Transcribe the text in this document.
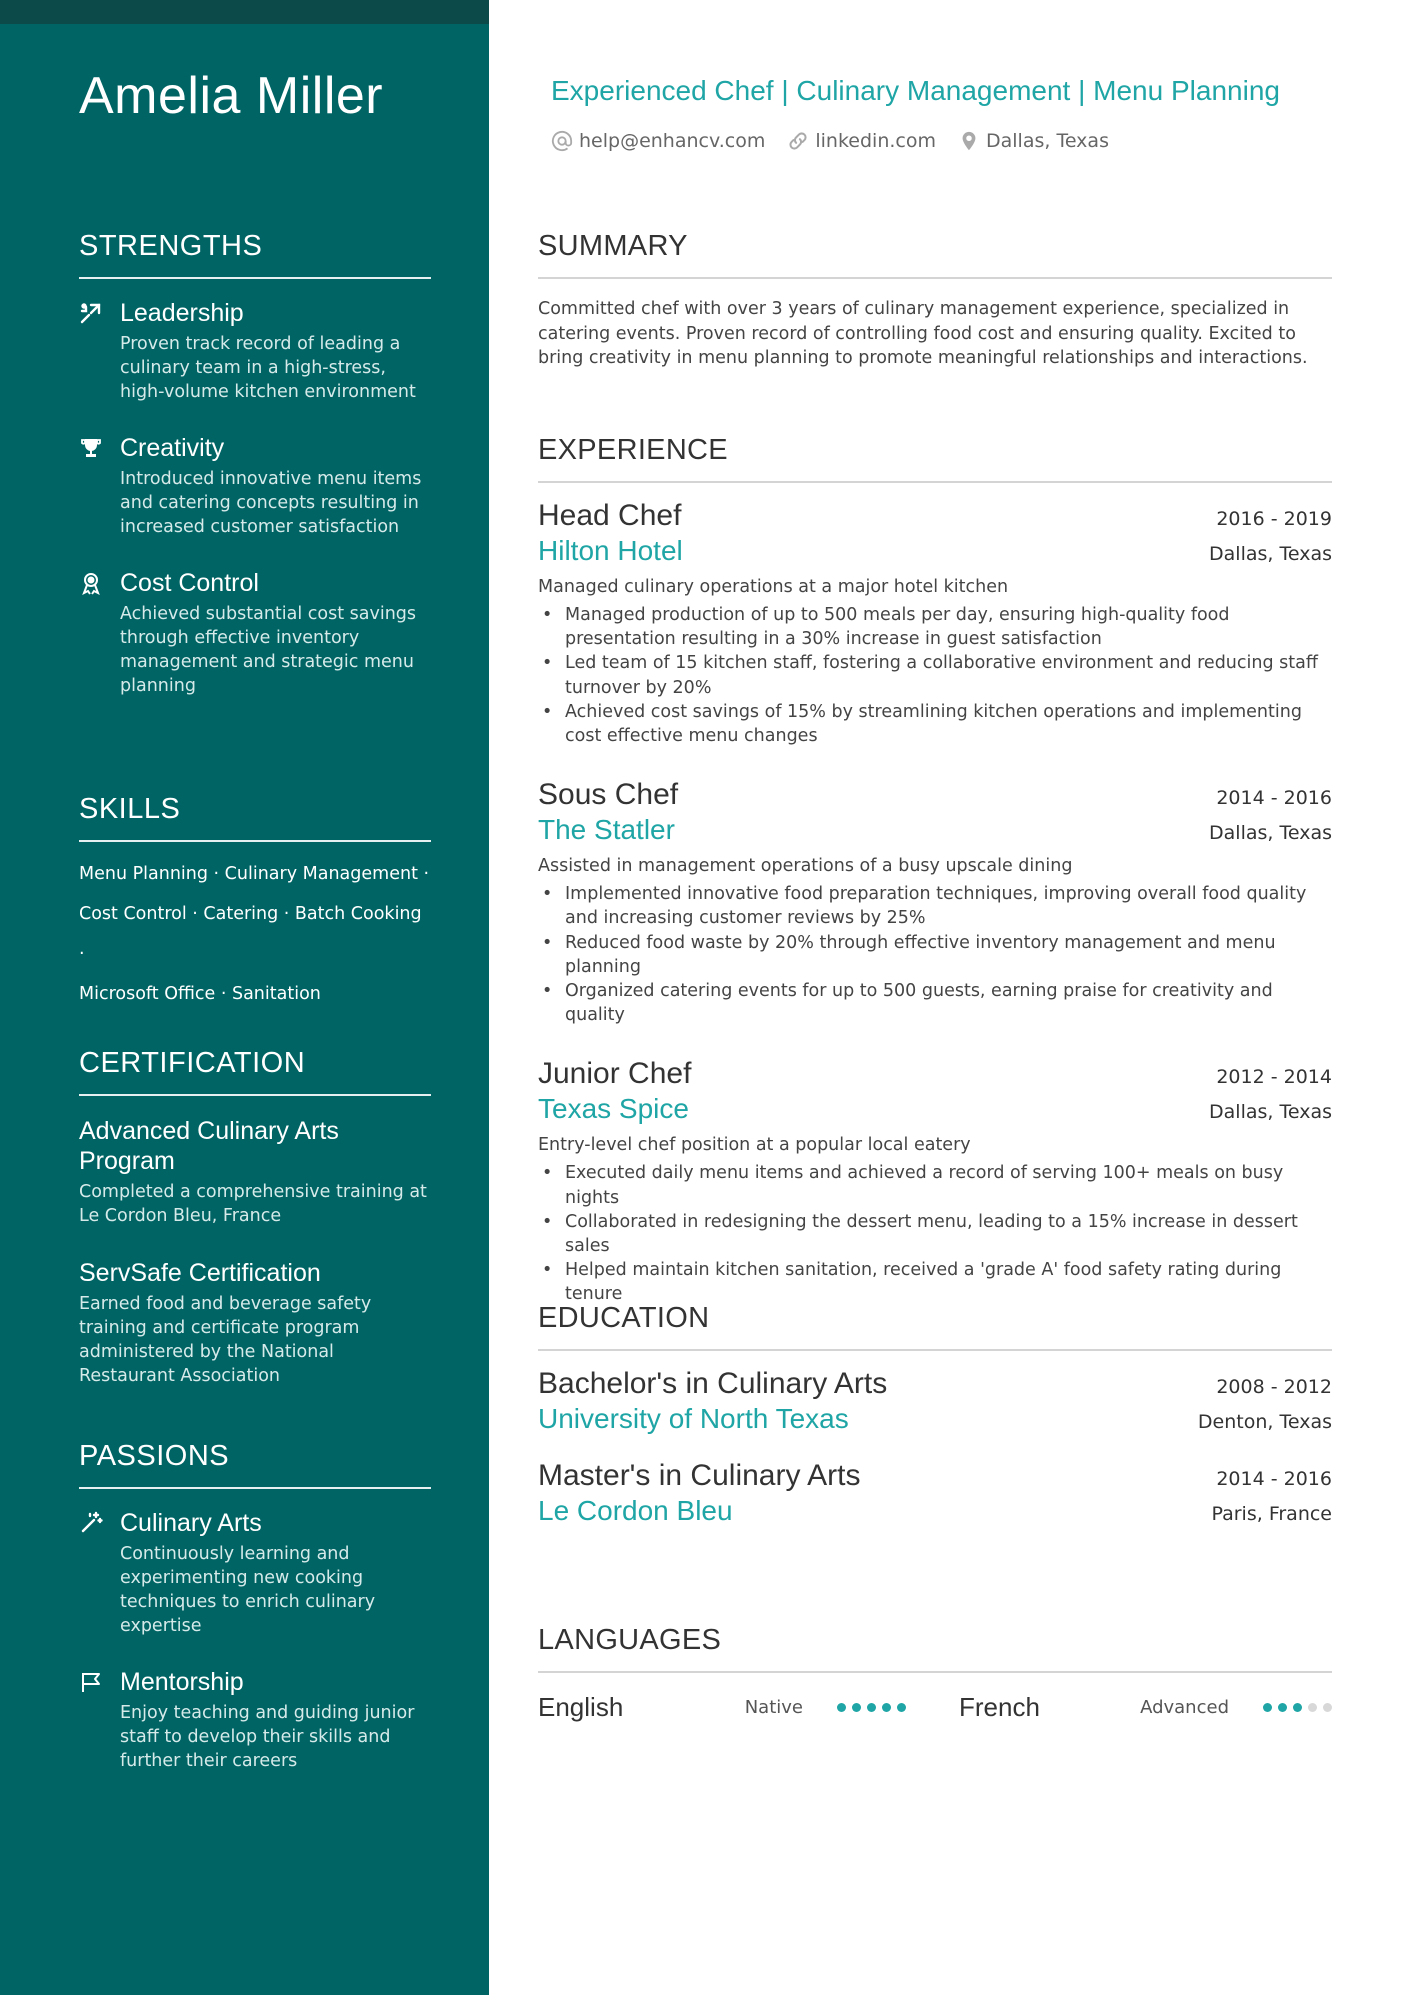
Amelia Miller
STRENGTHS
Leadership
Proven track record of leading a culinary team in a high-stress, high-volume kitchen environment
Creativity
Introduced innovative menu items and catering concepts resulting in increased customer satisfaction
Cost Control
Achieved substantial cost savings through effective inventory management and strategic menu planning
SKILLS
Menu Planning · Culinary Management ·
Cost Control · Catering · Batch Cooking ·
Microsoft Office · Sanitation
CERTIFICATION
Advanced Culinary Arts Program
Completed a comprehensive training at Le Cordon Bleu, France
ServSafe Certification
Earned food and beverage safety training and certificate program administered by the National Restaurant Association
PASSIONS
Culinary Arts
Continuously learning and experimenting new cooking techniques to enrich culinary expertise
Mentorship
Enjoy teaching and guiding junior staff to develop their skills and further their careers
Experienced Chef | Culinary Management | Menu Planning
help@enhancv.com	linkedin.com	Dallas, Texas
SUMMARY
Committed chef with over 3 years of culinary management experience, specialized in catering events. Proven record of controlling food cost and ensuring quality. Excited to bring creativity in menu planning to promote meaningful relationships and interactions.
EXPERIENCE
Head Chef	2016 - 2019
Hilton Hotel	Dallas, Texas
Managed culinary operations at a major hotel kitchen
• Managed production of up to 500 meals per day, ensuring high-quality food presentation resulting in a 30% increase in guest satisfaction
• Led team of 15 kitchen staff, fostering a collaborative environment and reducing staff turnover by 20%
• Achieved cost savings of 15% by streamlining kitchen operations and implementing cost effective menu changes
Sous Chef	2014 - 2016
The Statler	Dallas, Texas
Assisted in management operations of a busy upscale dining
• Implemented innovative food preparation techniques, improving overall food quality and increasing customer reviews by 25%
• Reduced food waste by 20% through effective inventory management and menu planning
• Organized catering events for up to 500 guests, earning praise for creativity and quality
Junior Chef	2012 - 2014
Texas Spice	Dallas, Texas
Entry-level chef position at a popular local eatery
• Executed daily menu items and achieved a record of serving 100+ meals on busy nights
• Collaborated in redesigning the dessert menu, leading to a 15% increase in dessert sales
• Helped maintain kitchen sanitation, received a 'grade A' food safety rating during tenure
EDUCATION
Bachelor's in Culinary Arts	2008 - 2012
University of North Texas	Denton, Texas
Master's in Culinary Arts	2014 - 2016
Le Cordon Bleu	Paris, France
LANGUAGES
English	Native	French	Advanced
